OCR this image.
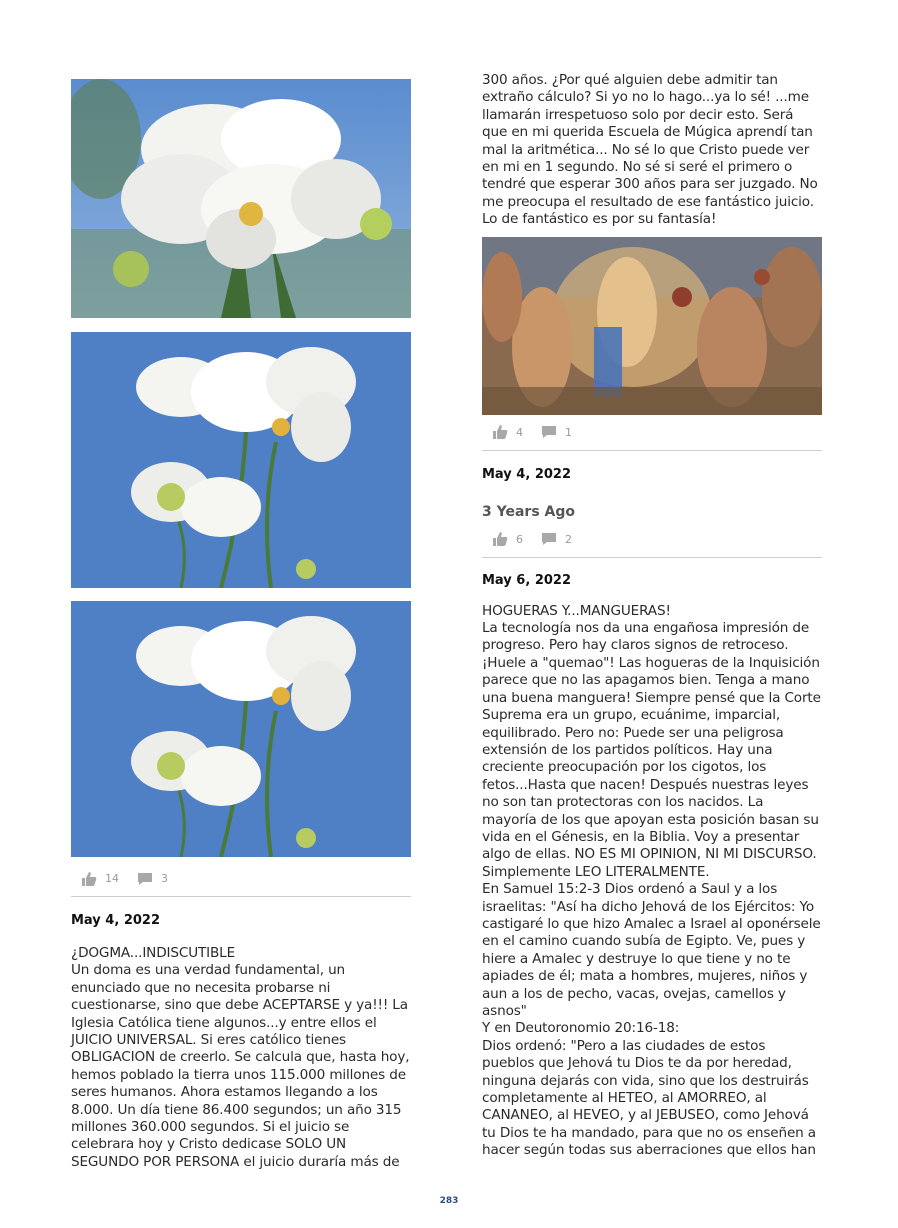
14	3
May 4, 2022
¿DOGMA...INDISCUTIBLE
Un doma es una verdad fundamental, un
enunciado que no necesita probarse ni
cuestionarse, sino que debe ACEPTARSE y ya!!! La
Iglesia Católica tiene algunos...y entre ellos el
JUICIO UNIVERSAL. Si eres católico tienes
OBLIGACION de creerlo. Se calcula que, hasta hoy,
hemos poblado la tierra unos 115.000 millones de
seres humanos. Ahora estamos llegando a los
8.000. Un día tiene 86.400 segundos; un año 315
millones 360.000 segundos. Si el juicio se
celebrara hoy y Cristo dedicase SOLO UN
SEGUNDO POR PERSONA el juicio duraría más de
300 años. ¿Por qué alguien debe admitir tan
extraño cálculo? Si yo no lo hago...ya lo sé! ...me
llamarán irrespetuoso solo por decir esto. Será
que en mi querida Escuela de Múgica aprendí tan
mal la aritmética... No sé lo que Cristo puede ver
en mi en 1 segundo. No sé si seré el primero o
tendré que esperar 300 años para ser juzgado. No
me preocupa el resultado de ese fantástico juicio.
Lo de fantástico es por su fantasía!
4	1
May 4, 2022
3 Years Ago
6	2
May 6, 2022
HOGUERAS Y...MANGUERAS!
La tecnología nos da una engañosa impresión de
progreso. Pero hay claros signos de retroceso.
¡Huele a "quemao"! Las hogueras de la Inquisición
parece que no las apagamos bien. Tenga a mano
una buena manguera! Siempre pensé que la Corte
Suprema era un grupo, ecuánime, imparcial,
equilibrado. Pero no: Puede ser una peligrosa
extensión de los partidos políticos. Hay una
creciente preocupación por los cigotos, los
fetos...Hasta que nacen! Después nuestras leyes
no son tan protectoras con los nacidos. La
mayoría de los que apoyan esta posición basan su
vida en el Génesis, en la Biblia. Voy a presentar
algo de ellas. NO ES MI OPINION, NI MI DISCURSO.
Simplemente LEO LITERALMENTE.
En Samuel 15:2-3 Dios ordenó a Saul y a los
israelitas: "Así ha dicho Jehová de los Ejércitos: Yo
castigaré lo que hizo Amalec a Israel al oponérsele
en el camino cuando subía de Egipto. Ve, pues y
hiere a Amalec y destruye lo que tiene y no te
apiades de él; mata a hombres, mujeres, niños y
aun a los de pecho, vacas, ovejas, camellos y
asnos"
Y en Deutoronomio 20:16-18:
Dios ordenó: "Pero a las ciudades de estos
pueblos que Jehová tu Dios te da por heredad,
ninguna dejarás con vida, sino que los destruirás
completamente al HETEO, al AMORREO, al
CANANEO, al HEVEO, y al JEBUSEO, como Jehová
tu Dios te ha mandado, para que no os enseñen a
hacer según todas sus aberraciones que ellos han
283
